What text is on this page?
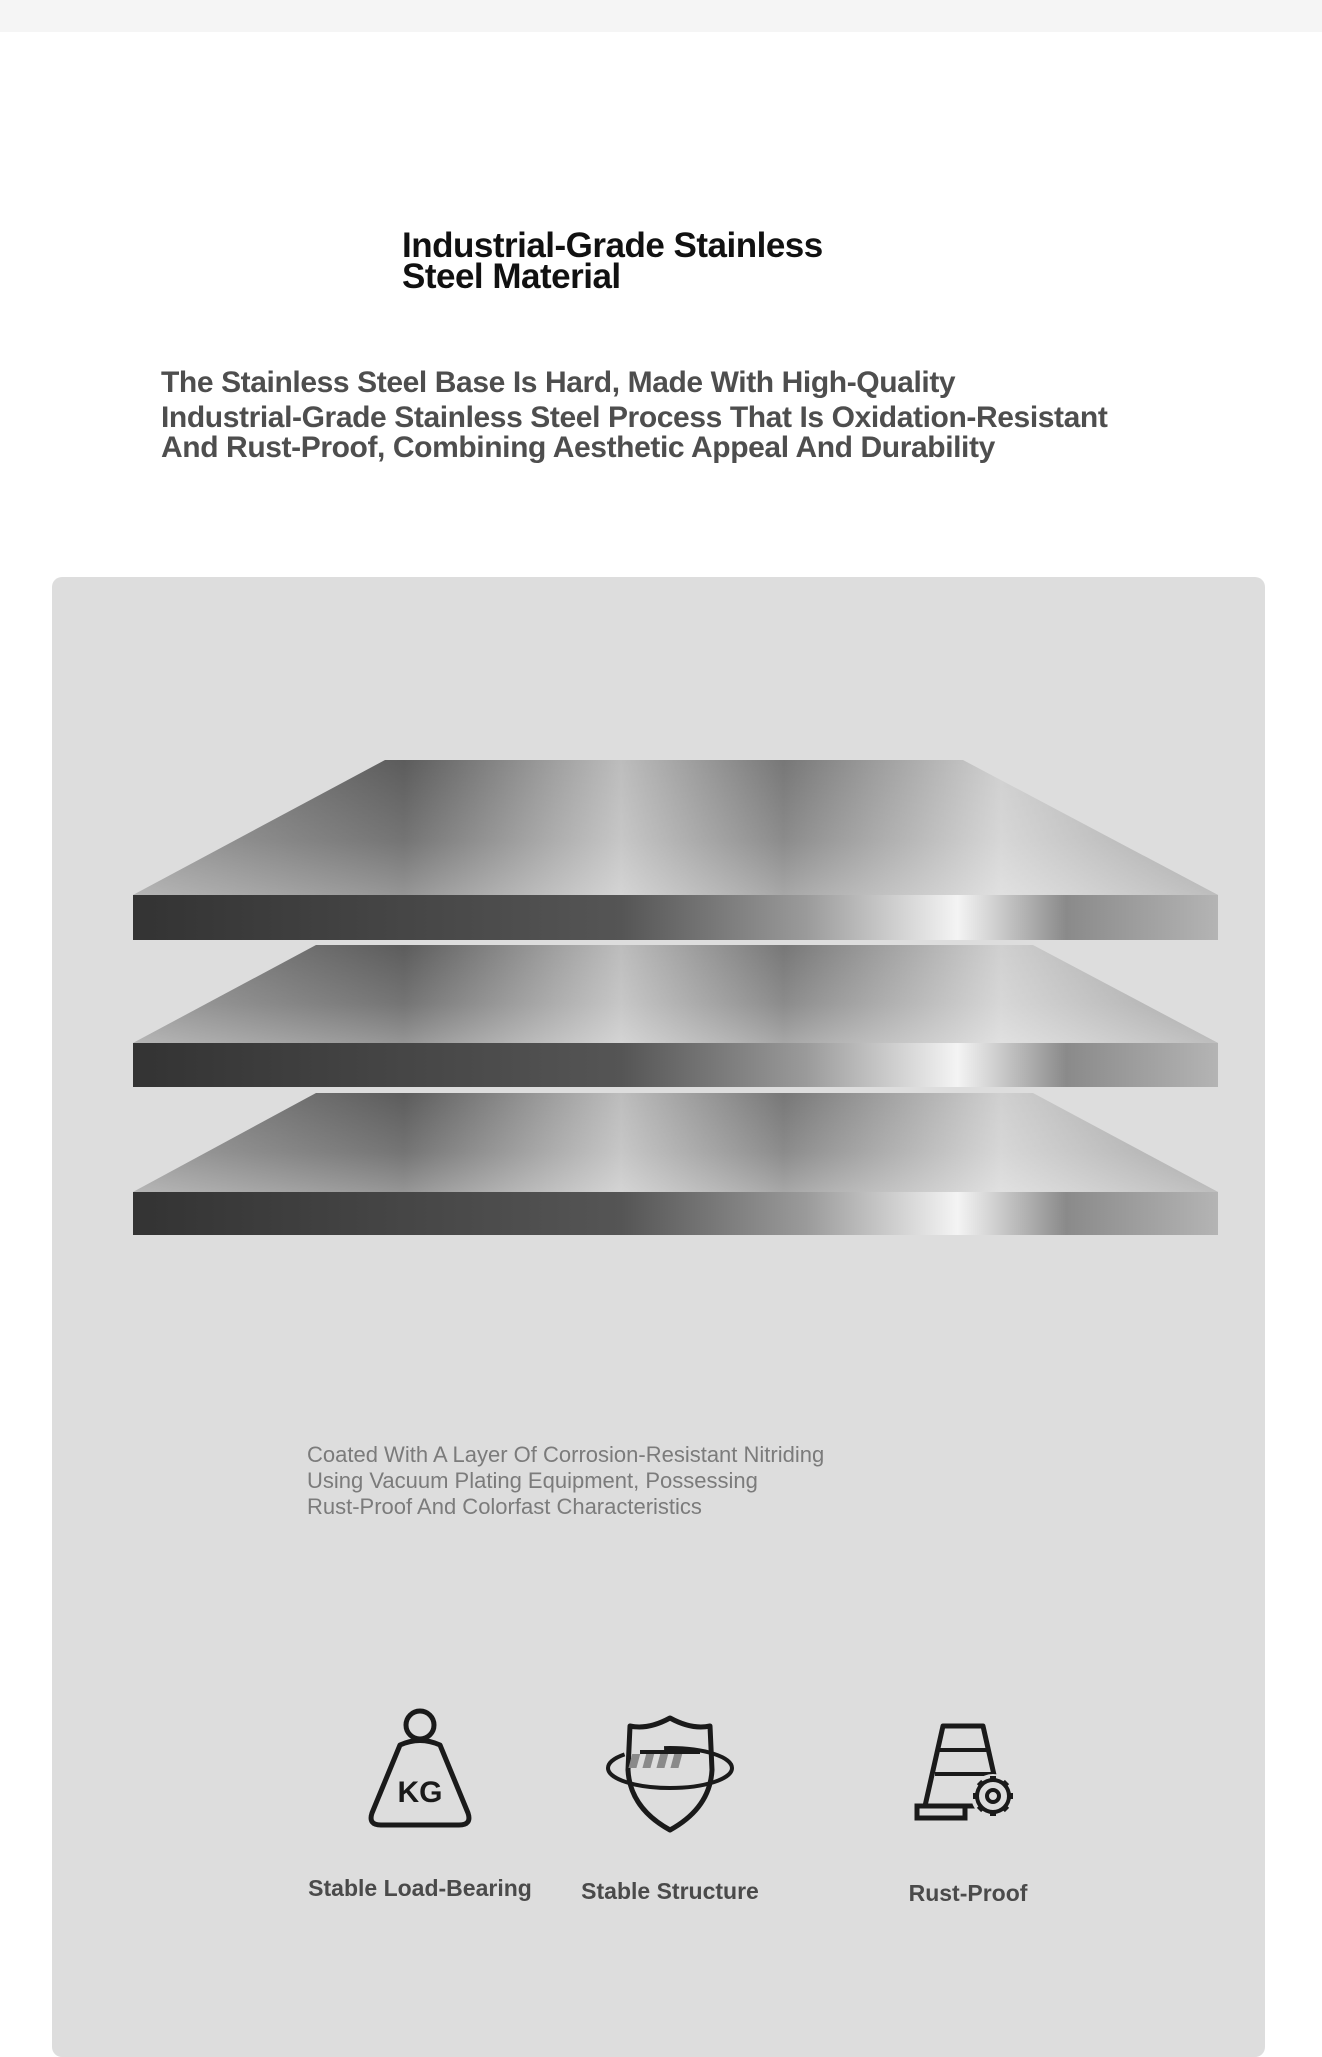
Industrial-Grade Stainless
Steel Material
The Stainless Steel Base Is Hard, Made With High-Quality
Industrial-Grade Stainless Steel Process That Is Oxidation-Resistant
And Rust-Proof, Combining Aesthetic Appeal And Durability
Coated With A Layer Of Corrosion-Resistant Nitriding
Using Vacuum Plating Equipment, Possessing
Rust-Proof And Colorfast Characteristics
KG
Stable Load-Bearing	Stable Structure	Rust-Proof
